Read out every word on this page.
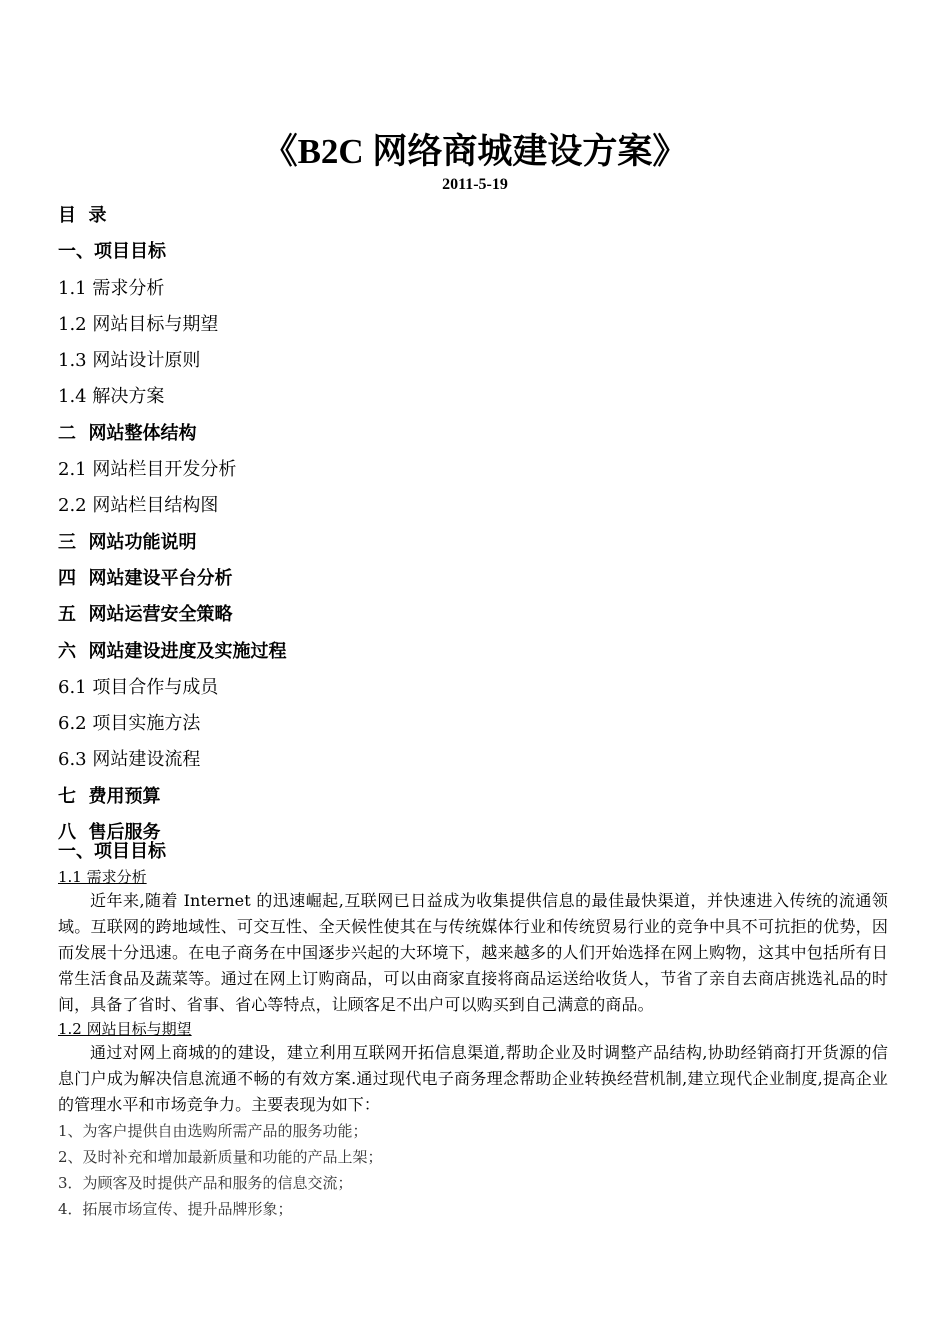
《B2C 网络商城建设方案》
2011-5-19
目  录
一、项目目标
1.1 需求分析
1.2 网站目标与期望
1.3 网站设计原则
1.4 解决方案
二  网站整体结构
2.1 网站栏目开发分析
2.2 网站栏目结构图
三  网站功能说明
四  网站建设平台分析
五  网站运营安全策略
六  网站建设进度及实施过程
6.1 项目合作与成员
6.2 项目实施方法
6.3 网站建设流程
七  费用预算
八  售后服务
一、项目目标
1.1 需求分析

近年来,随着 Internet 的迅速崛起,互联网已日益成为收集提供信息的最佳最快渠道，并快速进入传统的流通领域。互联网的跨地域性、可交互性、全天候性使其在与传统媒体行业和传统贸易行业的竞争中具不可抗拒的优势，因而发展十分迅速。在电子商务在中国逐步兴起的大环境下，越来越多的人们开始选择在网上购物，这其中包括所有日常生活食品及蔬菜等。通过在网上订购商品，可以由商家直接将商品运送给收货人，节省了亲自去商店挑选礼品的时间，具备了省时、省事、省心等特点，让顾客足不出户可以购买到自己满意的商品。

1.2 网站目标与期望

通过对网上商城的的建设，建立利用互联网开拓信息渠道,帮助企业及时调整产品结构,协助经销商打开货源的信息门户成为解决信息流通不畅的有效方案.通过现代电子商务理念帮助企业转换经营机制,建立现代企业制度,提高企业的管理水平和市场竞争力。主要表现为如下：

1、为客户提供自由选购所需产品的服务功能；
2、及时补充和增加最新质量和功能的产品上架；
3．为顾客及时提供产品和服务的信息交流；
4．拓展市场宣传、提升品牌形象；
